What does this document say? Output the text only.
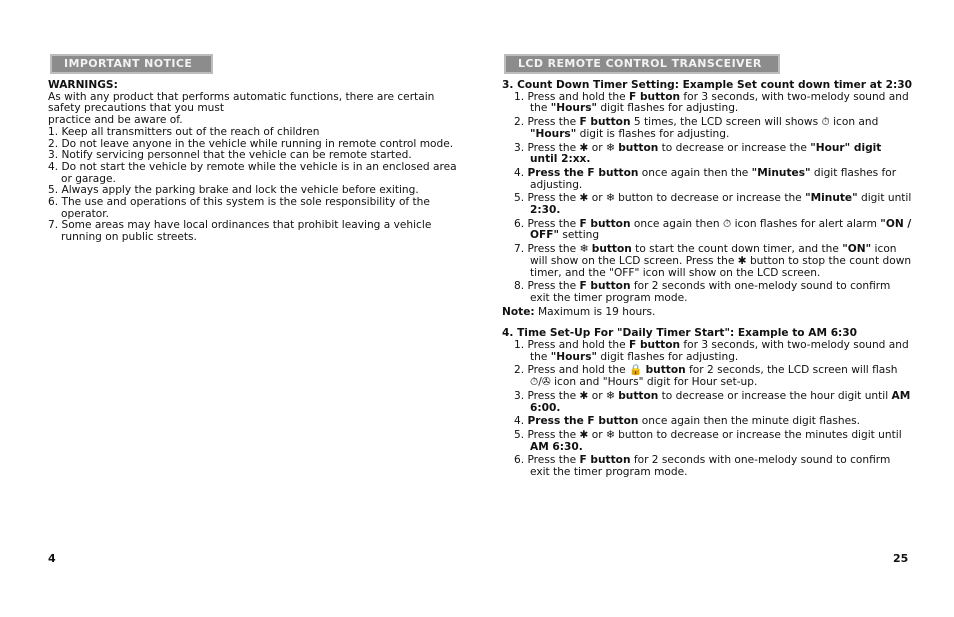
IMPORTANT NOTICE
WARNINGS:
As with any product that performs automatic functions, there are certain
safety precautions that you must
practice and be aware of.
1. Keep all transmitters out of the reach of children
2. Do not leave anyone in the vehicle while running in remote control mode.
3. Notify servicing personnel that the vehicle can be remote started.
4. Do not start the vehicle by remote while the vehicle is in an enclosed area or garage.
5. Always apply the parking brake and lock the vehicle before exiting.
6. The use and operations of this system is the sole responsibility of the operator.
7. Some areas may have local ordinances that prohibit leaving a vehicle running on public streets.
4
LCD REMOTE CONTROL TRANSCEIVER
3. Count Down Timer Setting: Example Set count down timer at 2:30
1. Press and hold the F button for 3 seconds, with two-melody sound and the "Hours" digit flashes for adjusting.
2. Press the F button 5 times, the LCD screen will shows ⏱ icon and "Hours" digit is flashes for adjusting.
3. Press the ✱ or ❄ button to decrease or increase the "Hour" digit until 2:xx.
4. Press the F button once again then the "Minutes" digit flashes for adjusting.
5. Press the ✱ or ❄ button to decrease or increase the "Minute" digit until 2:30.
6. Press the F button once again then ⏱ icon flashes for alert alarm "ON / OFF" setting
7. Press the ❄ button to start the count down timer, and the "ON" icon will show on the LCD screen. Press the ✱ button to stop the count down timer, and the "OFF" icon will show on the LCD screen.
8. Press the F button for 2 seconds with one-melody sound to confirm exit the timer program mode.
Note: Maximum is 19 hours.
4. Time Set-Up For "Daily Timer Start": Example to AM 6:30
1. Press and hold the F button for 3 seconds, with two-melody sound and the "Hours" digit flashes for adjusting.
2. Press and hold the 🔒 button for 2 seconds, the LCD screen will flash ⏱/✇ icon and "Hours" digit for Hour set-up.
3. Press the ✱ or ❄ button to decrease or increase the hour digit until AM 6:00.
4. Press the F button once again then the minute digit flashes.
5. Press the ✱ or ❄ button to decrease or increase the minutes digit until AM 6:30.
6. Press the F button for 2 seconds with one-melody sound to confirm exit the timer program mode.
25
